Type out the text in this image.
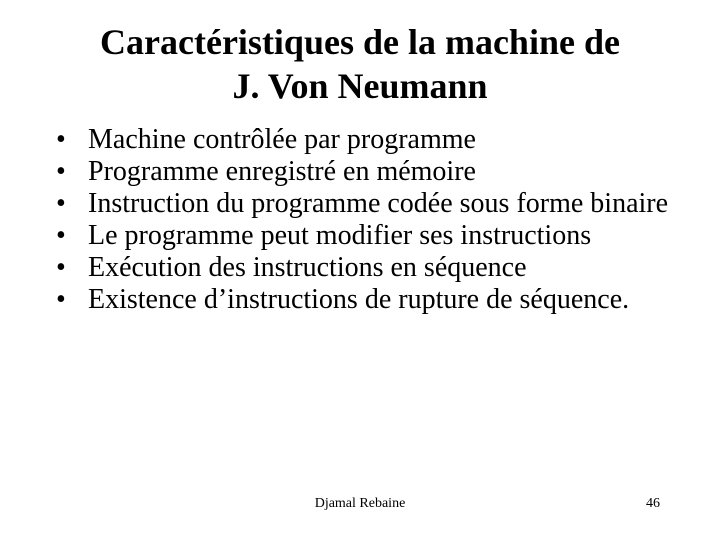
Caractéristiques de la machine de
J. Von Neumann
• Machine contrôlée par programme
• Programme enregistré en mémoire
• Instruction du programme codée sous forme binaire
• Le programme peut modifier ses instructions
• Exécution des instructions en séquence
• Existence d’instructions de rupture de séquence.
Djamal Rebaine	46
